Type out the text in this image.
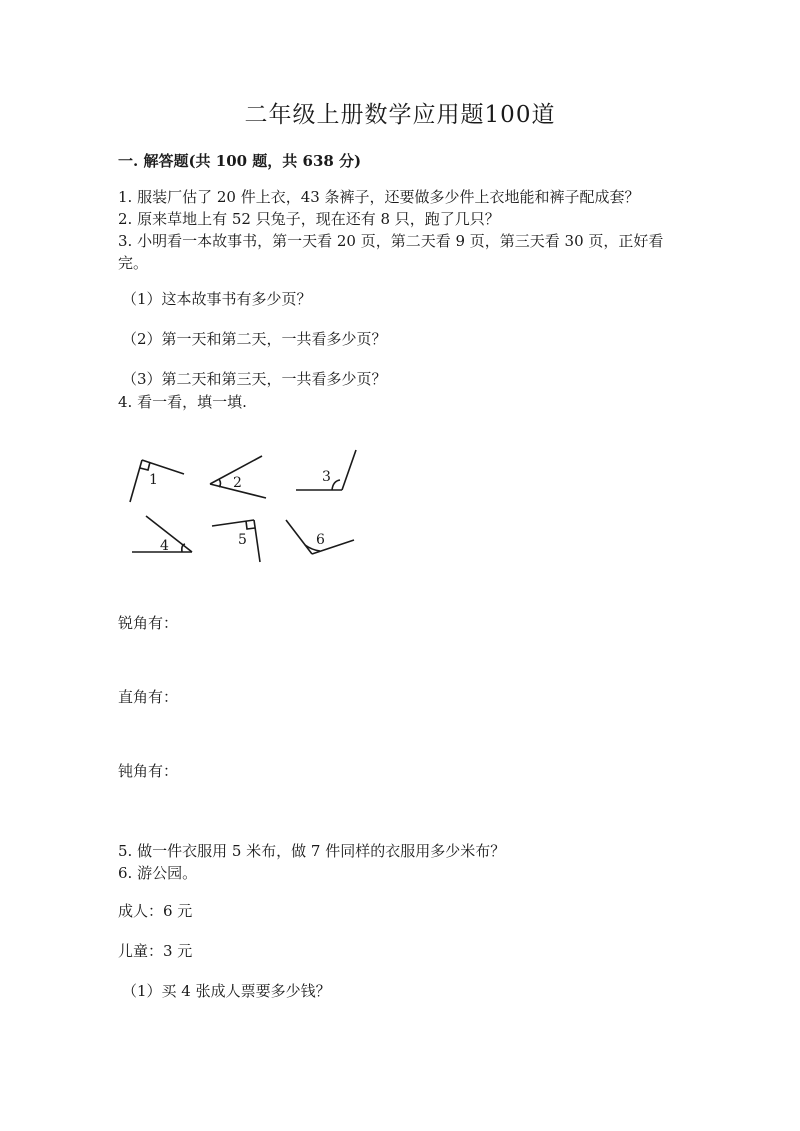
二年级上册数学应用题100道
一. 解答题(共 100 题，共 638 分)
1. 服装厂估了 20 件上衣，43 条裤子，还要做多少件上衣地能和裤子配成套？
2. 原来草地上有 52 只兔子，现在还有 8 只，跑了几只？
3. 小明看一本故事书，第一天看 20 页，第二天看 9 页，第三天看 30 页，正好看完。
（1）这本故事书有多少页？
（2）第一天和第二天，一共看多少页？
（3）第二天和第三天，一共看多少页？
4. 看一看，填一填.
1	2	3
4	5	6
锐角有：
直角有：
钝角有：
5. 做一件衣服用 5 米布，做 7 件同样的衣服用多少米布？
6. 游公园。
成人：6 元
儿童：3 元
（1）买 4 张成人票要多少钱？
